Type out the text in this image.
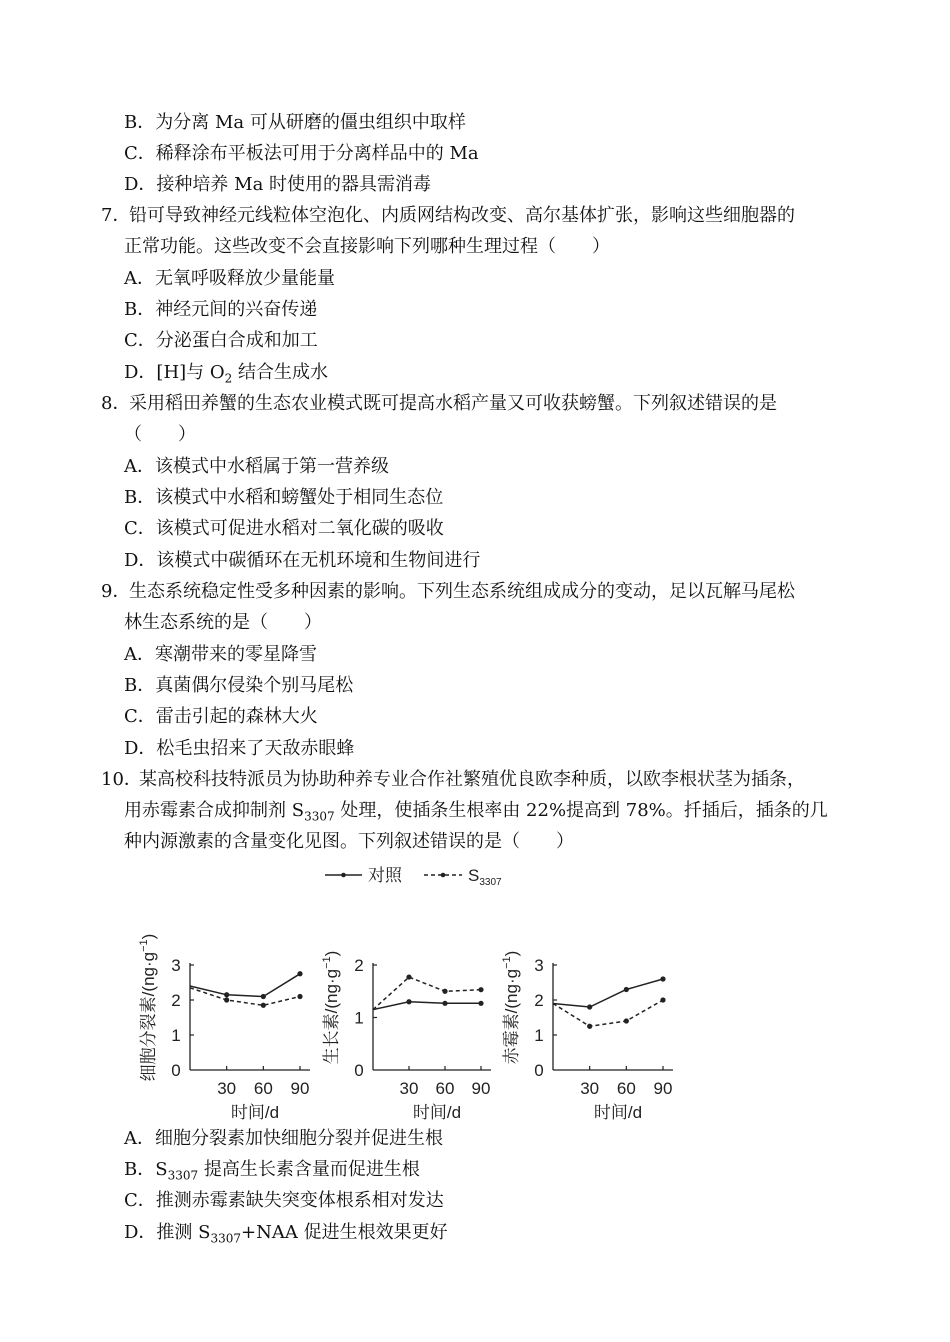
B．为分离 Ma 可从研磨的僵虫组织中取样
C．稀释涂布平板法可用于分离样品中的 Ma
D．接种培养 Ma 时使用的器具需消毒
7．
铅可导致神经元线粒体空泡化、内质网结构改变、高尔基体扩张，影响这些细胞器的
正常功能。这些改变不会直接影响下列哪种生理过程（　　）
A．无氧呼吸释放少量能量
B．神经元间的兴奋传递
C．分泌蛋白合成和加工
D．[H]与 $O_2$ 结合生成水
8．
采用稻田养蟹的生态农业模式既可提高水稻产量又可收获螃蟹。下列叙述错误的是
（　　）
A．该模式中水稻属于第一营养级
B．该模式中水稻和螃蟹处于相同生态位
C．该模式可促进水稻对二氧化碳的吸收
D．该模式中碳循环在无机环境和生物间进行
9．
生态系统稳定性受多种因素的影响。下列生态系统组成成分的变动，足以瓦解马尾松
林生态系统的是（　　）
A．寒潮带来的零星降雪
B．真菌偶尔侵染个别马尾松
C．雷击引起的森林大火
D．松毛虫招来了天敌赤眼蜂
10．
某高校科技特派员为协助种养专业合作社繁殖优良欧李种质，以欧李根状茎为插条，
用赤霉素合成抑制剂 $S_{3307}$ 处理，使插条生根率由 22%提高到 78%。扦插后，插条的几
种内源激素的含量变化见图。下列叙述错误的是（　　）
对照	$S_{3307}$
0
1
2
3
30 60 90
时间/d
细胞分裂素$/(ng\cdot g^{-1})$
0
1
2
30 60 90
时间/d
生长素$/(ng\cdot g^{-1})$
0
1
2
3
30 60 90
时间/d
赤霉素$/(ng\cdot g^{-1})$
A．细胞分裂素加快细胞分裂并促进生根
B．$S_{3307}$ 提高生长素含量而促进生根
C．推测赤霉素缺失突变体根系相对发达
D．推测 $S_{3307}+NAA$ 促进生根效果更好
